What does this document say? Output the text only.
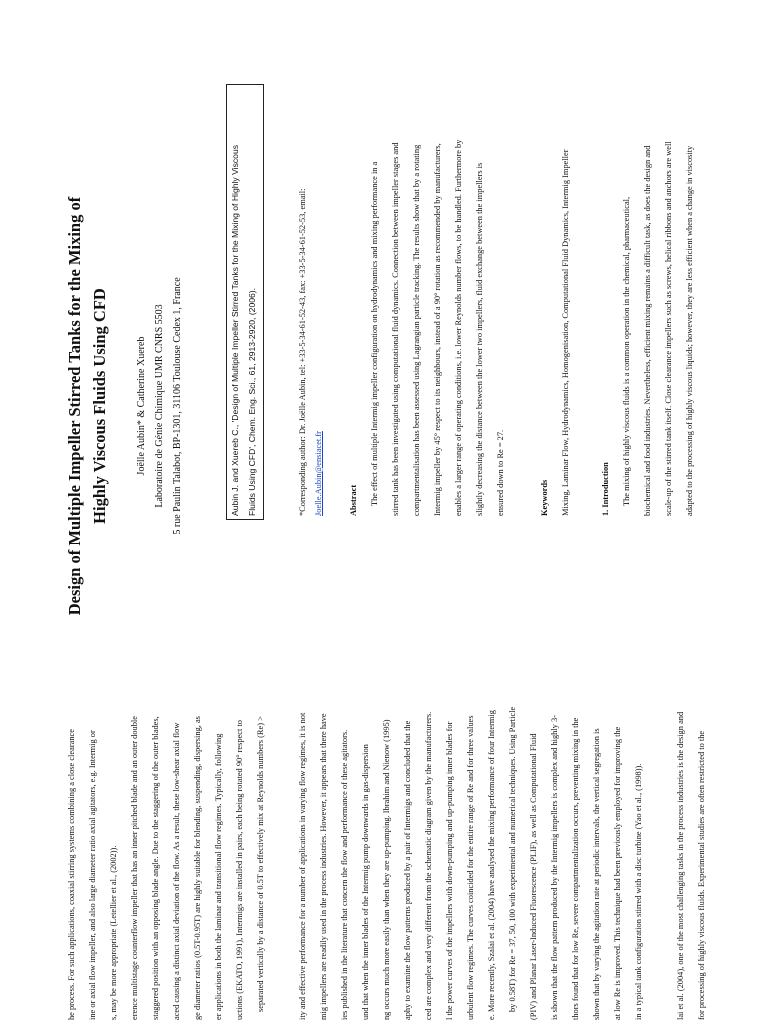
Design of Multiple Impeller Stirred Tanks for the Mixing of Highly Viscous Fluids Using CFD	Joëlle Aubin* & Catherine Xuereb Laboratoire de Génie Chimique UMR CNRS 5503 5 rue Paulin Talabot, BP-1301, 31106 Toulouse Cedex 1, France	Aubin J. and Xuereb C., 'Design of Multiple Impeller Stirred Tanks for the Mixing of Highly Viscous Fluids Using CFD', Chem. Eng. Sci., 61, 2913-2920, (2006).	*Corresponding author: Dr. Joëlle Aubin, tel: +33-5-34-61-52-43, fax: +33-5-34-61-52-53, email: Joelle.Aubin@ensiacet.fr	Abstract The effect of multiple Intermig impeller configuration on hydrodynamics and mixing performance in a stirred tank has been investigated using computational fluid dynamics. Connection between impeller stages and compartmentalisation has been assessed using Lagrangian particle tracking. The results show that by a rotating Intermig impeller by 45° respect to its neighbours, instead of a 90° rotation as recommended by manufacturers, enables a larger range of operating conditions, i.e. lower Reynolds number flows, to be handled. Furthermore by slightly decreasing the distance between the lower two impellers, fluid exchange between the impellers is ensured down to Re = 27.	Keywords Mixing, Laminar Flow, Hydrodynamics, Homogenisation, Computational Fluid Dynamics, Intermig Impeller	1. Introduction The mixing of highly viscous fluids is a common operation in the chemical, pharmaceutical, biochemical and food industries. Nevertheless, efficient mixing remains a difficult task, as does the design and scale-up of the stirred tank itself. Close clearance impellers such as screws, helical ribbons and anchors are well adapted to the processing of highly viscous liquids; however, they are less efficient when a change in viscosity
he process. For such applications, coaxial stirring systems combining a close clearance ine or axial flow impeller, and also large diameter ratio axial agitators, e.g. Intermig or s, may be more appropriate (Letellier et al., (2002)). erence multistage counterflow impeller that has an inner pitched blade and an outer double staggered position with an opposing blade angle. Due to the staggering of the outer blades, aced causing a distinct axial deviation of the flow. As a result, these low-shear axial flow ge diameter ratios (0.5T-0.95T) are highly suitable for blending, suspending, dispersing, as er applications in both the laminar and transitional flow regimes. Typically, following uctions (EKATO, 1991), Intermigs are installed in pairs, each being rotated 90° respect to separated vertically by a distance of 0.5T to effectively mix at Reynolds numbers (Re) >	ity and effective performance for a number of applications in varying flow regimes, it is not mig impellers are readily used in the process industries. However, it appears that there have ies published in the literature that concern the flow and performance of these agitators. und that when the inner blades of the Intermig pump downwards in gas-dispersion ng occurs much more easily than when they are up-pumping. Ibrahim and Nienow (1995) aphy to examine the flow patterns produced by a pair of Intermigs and concluded that the ced are complex and very different from the schematic diagram given by the manufacturers. l the power curves of the impellers with down-pumping and up-pumping inner blades for urbulent flow regimes. The curves coincided for the entire range of Re and for three values e. More recently, Szalai et al. (2004) have analysed the mixing performance of four Intermig by 0.58T) for Re = 37, 50, 100 with experimental and numerical techniques. Using Particle (PIV) and Planar Laser-Induced Fluorescence (PLIF), as well as Computational Fluid is shown that the flow pattern produced by the Intermig impellers is complex and highly 3- thors found that for low Re, severe compartmentalization occurs, preventing mixing in the shown that by varying the agitation rate at periodic intervals, the vertical segregation is at low Re is improved. This technique had been previously employed for improving the in a typical tank configuration stirred with a disc turbine (Yao et al., (1998)).	lai et al. (2004), one of the most challenging tasks in the process industries is the design and for processing of highly viscous fluids. Experimental studies are often restricted to the
